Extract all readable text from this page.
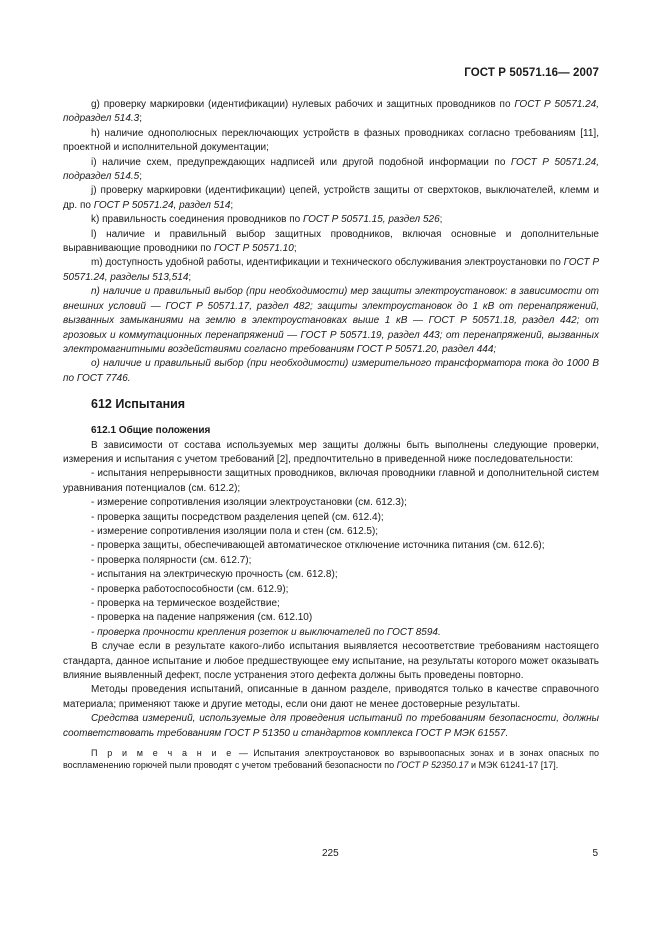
ГОСТ Р 50571.16— 2007

g) проверку маркировки (идентификации) нулевых рабочих и защитных проводников по ГОСТ Р 50571.24, подраздел 514.3;

h) наличие однополюсных переключающих устройств в фазных проводниках согласно требованиям [11], проектной и исполнительной документации;

i) наличие схем, предупреждающих надписей или другой подобной информации по ГОСТ Р 50571.24, подраздел 514.5;

j) проверку маркировки (идентификации) цепей, устройств защиты от сверхтоков, выключателей, клемм и др. по ГОСТ Р 50571.24, раздел 514;

k) правильность соединения проводников по ГОСТ Р 50571.15, раздел 526;

l) наличие и правильный выбор защитных проводников, включая основные и дополнительные выравнивающие проводники по ГОСТ Р 50571.10;

m) доступность удобной работы, идентификации и технического обслуживания электроустановки по ГОСТ Р 50571.24, разделы 513,514;

n) наличие и правильный выбор (при необходимости) мер защиты электроустановок: в зависимости от внешних условий — ГОСТ Р 50571.17, раздел 482; защиты электроустановок до 1 кВ от перенапряжений, вызванных замыканиями на землю в электроустановках выше 1 кВ — ГОСТ Р 50571.18, раздел 442; от грозовых и коммутационных перенапряжений — ГОСТ Р 50571.19, раздел 443; от перенапряжений, вызванных электромагнитными воздействиями согласно требованиям ГОСТ Р 50571.20, раздел 444;

o) наличие и правильный выбор (при необходимости) измерительного трансформатора тока до 1000 В по ГОСТ 7746.

612 Испытания
612.1 Общие положения

В зависимости от состава используемых мер защиты должны быть выполнены следующие проверки, измерения и испытания с учетом требований [2], предпочтительно в приведенной ниже последовательности:

- испытания непрерывности защитных проводников, включая проводники главной и дополнительной систем уравнивания потенциалов (см. 612.2);

- измерение сопротивления изоляции электроустановки (см. 612.3);

- проверка защиты посредством разделения цепей (см. 612.4);

- измерение сопротивления изоляции пола и стен (см. 612.5);

- проверка защиты, обеспечивающей автоматическое отключение источника питания (см. 612.6);

- проверка полярности (см. 612.7);

- испытания на электрическую прочность (см. 612.8);

- проверка работоспособности (см. 612.9);

- проверка на термическое воздействие;

- проверка на падение напряжения (см. 612.10)

- проверка прочности крепления розеток и выключателей по ГОСТ 8594.

В случае если в результате какого-либо испытания выявляется несоответствие требованиям настоящего стандарта, данное испытание и любое предшествующее ему испытание, на результаты которого может оказывать влияние выявленный дефект, после устранения этого дефекта должны быть проведены повторно.

Методы проведения испытаний, описанные в данном разделе, приводятся только в качестве справочного материала; применяют также и другие методы, если они дают не менее достоверные результаты.

Средства измерений, используемые для проведения испытаний по требованиям безопасности, должны соответствовать требованиям ГОСТ Р 51350 и стандартов комплекса ГОСТ Р МЭК 61557.

П р и м е ч а н и е — Испытания электроустановок во взрывоопасных зонах и в зонах опасных по воспламенению горючей пыли проводят с учетом требований безопасности по ГОСТ Р 52350.17 и МЭК 61241-17 [17].
225	5
